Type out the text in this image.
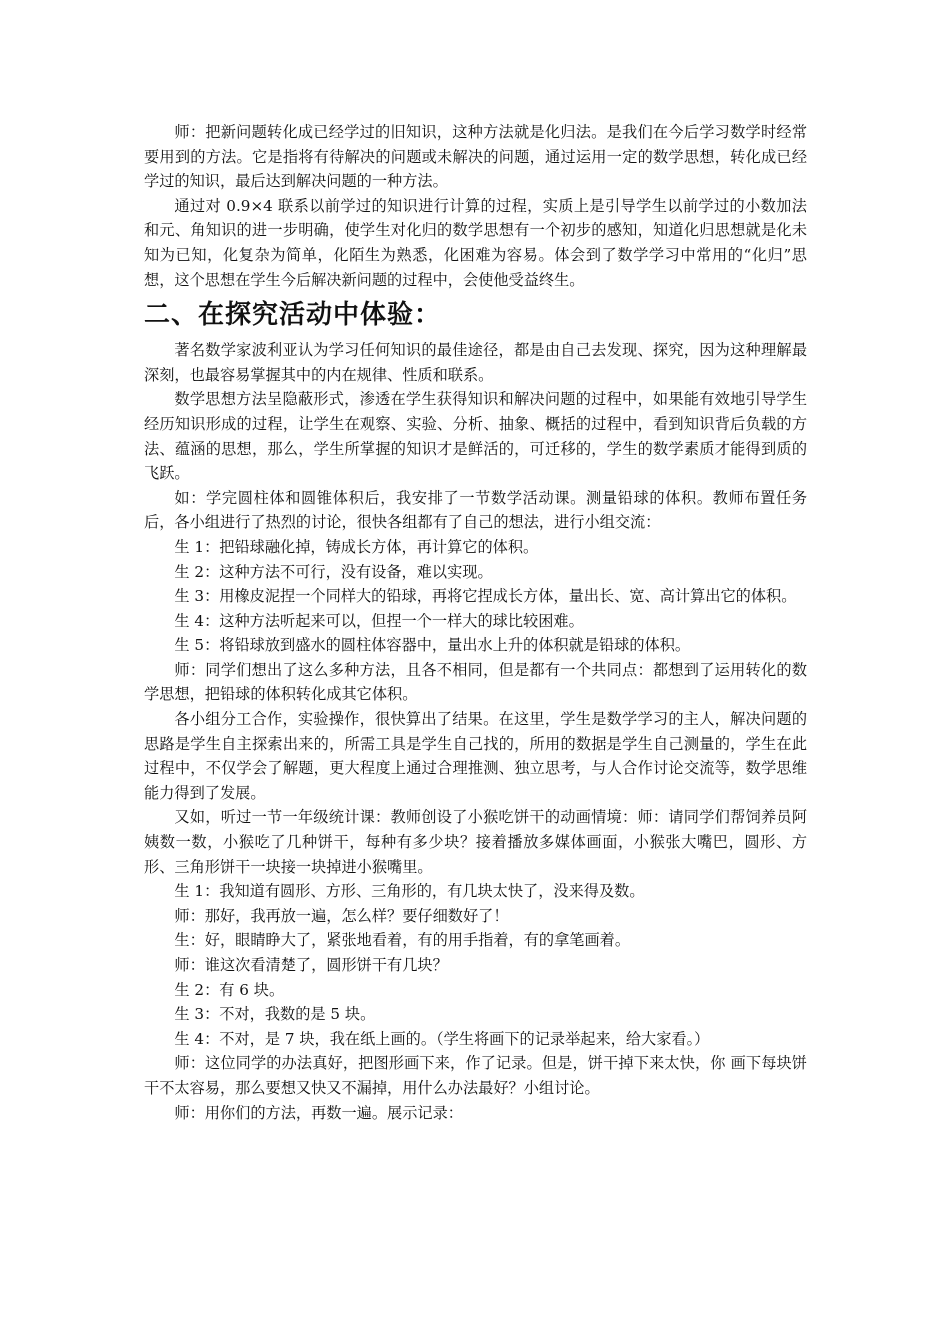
师：把新问题转化成已经学过的旧知识，这种方法就是化归法。是我们在今后学习数学时经常要用到的方法。它是指将有待解决的问题或未解决的问题，通过运用一定的数学思想，转化成已经学过的知识，最后达到解决问题的一种方法。

通过对 0.9×4 联系以前学过的知识进行计算的过程，实质上是引导学生以前学过的小数加法和元、角知识的进一步明确，使学生对化归的数学思想有一个初步的感知，知道化归思想就是化未知为已知，化复杂为简单，化陌生为熟悉，化困难为容易。体会到了数学学习中常用的“化归”思想，这个思想在学生今后解决新问题的过程中，会使他受益终生。

二、在探究活动中体验：

著名数学家波利亚认为学习任何知识的最佳途径，都是由自己去发现、探究，因为这种理解最深刻，也最容易掌握其中的内在规律、性质和联系。

数学思想方法呈隐蔽形式，渗透在学生获得知识和解决问题的过程中，如果能有效地引导学生经历知识形成的过程，让学生在观察、实验、分析、抽象、概括的过程中，看到知识背后负载的方法、蕴涵的思想，那么，学生所掌握的知识才是鲜活的，可迁移的，学生的数学素质才能得到质的飞跃。

如：学完圆柱体和圆锥体积后，我安排了一节数学活动课。测量铅球的体积。教师布置任务后，各小组进行了热烈的讨论，很快各组都有了自己的想法，进行小组交流：

生 1：把铅球融化掉，铸成长方体，再计算它的体积。

生 2：这种方法不可行，没有设备，难以实现。

生 3：用橡皮泥捏一个同样大的铅球，再将它捏成长方体，量出长、宽、高计算出它的体积。

生 4：这种方法听起来可以，但捏一个一样大的球比较困难。

生 5：将铅球放到盛水的圆柱体容器中，量出水上升的体积就是铅球的体积。

师：同学们想出了这么多种方法，且各不相同，但是都有一个共同点：都想到了运用转化的数学思想，把铅球的体积转化成其它体积。

各小组分工合作，实验操作，很快算出了结果。在这里，学生是数学学习的主人，解决问题的思路是学生自主探索出来的，所需工具是学生自己找的，所用的数据是学生自己测量的，学生在此过程中，不仅学会了解题，更大程度上通过合理推测、独立思考，与人合作讨论交流等，数学思维能力得到了发展。

又如，听过一节一年级统计课：教师创设了小猴吃饼干的动画情境：师：请同学们帮饲养员阿姨数一数，小猴吃了几种饼干，每种有多少块？接着播放多媒体画面，小猴张大嘴巴，圆形、方形、三角形饼干一块接一块掉进小猴嘴里。

生 1：我知道有圆形、方形、三角形的，有几块太快了，没来得及数。

师：那好，我再放一遍，怎么样？要仔细数好了！

生：好，眼睛睁大了，紧张地看着，有的用手指着，有的拿笔画着。

师：谁这次看清楚了，圆形饼干有几块？

生 2：有 6 块。

生 3：不对，我数的是 5 块。

生 4：不对，是 7 块，我在纸上画的。（学生将画下的记录举起来，给大家看。）

师：这位同学的办法真好，把图形画下来，作了记录。但是，饼干掉下来太快，你 画下每块饼干不太容易，那么要想又快又不漏掉，用什么办法最好？小组讨论。

师：用你们的方法，再数一遍。展示记录：
